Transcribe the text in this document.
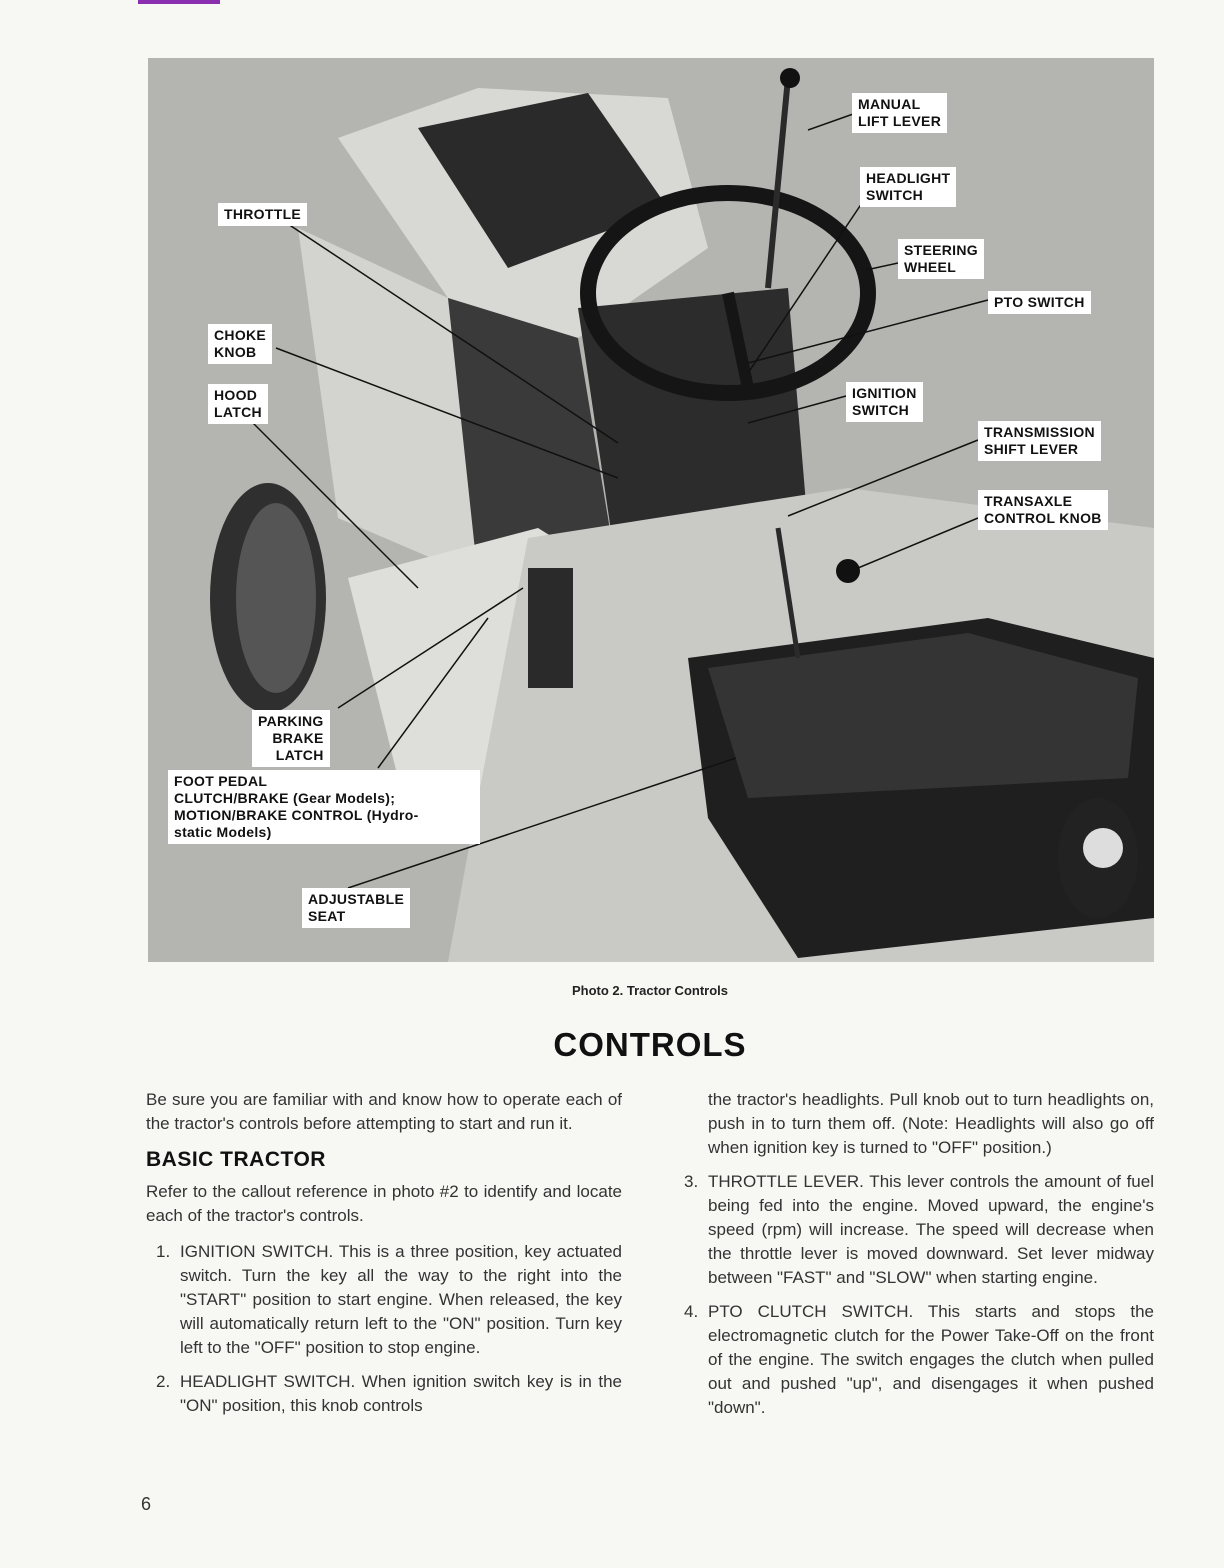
MANUAL
LIFT LEVER
HEADLIGHT
SWITCH
THROTTLE
STEERING
WHEEL
PTO SWITCH
CHOKE
KNOB
HOOD
LATCH
IGNITION
SWITCH
TRANSMISSION
SHIFT LEVER
TRANSAXLE
CONTROL KNOB
PARKING
BRAKE
LATCH
FOOT PEDAL
CLUTCH/BRAKE (Gear Models);
MOTION/BRAKE CONTROL (Hydro-
static Models)
ADJUSTABLE
SEAT
Photo 2. Tractor Controls
CONTROLS

Be sure you are familiar with and know how to operate each of the tractor's controls before attempting to start and run it.

BASIC TRACTOR

Refer to the callout reference in photo #2 to identify and locate each of the tractor's controls.

1. IGNITION SWITCH. This is a three position, key actuated switch. Turn the key all the way to the right into the "START" position to start engine. When released, the key will automatically return left to the "ON" position. Turn key left to the "OFF" position to stop engine.
2. HEADLIGHT SWITCH. When ignition switch key is in the "ON" position, this knob controls
the tractor's headlights. Pull knob out to turn headlights on, push in to turn them off. (Note: Headlights will also go off when ignition key is turned to "OFF" position.)
3. THROTTLE LEVER. This lever controls the amount of fuel being fed into the engine. Moved upward, the engine's speed (rpm) will increase. The speed will decrease when the throttle lever is moved downward. Set lever midway between "FAST" and "SLOW" when starting engine.
4. PTO CLUTCH SWITCH. This starts and stops the electromagnetic clutch for the Power Take-Off on the front of the engine. The switch engages the clutch when pulled out and pushed "up", and disengages it when pushed "down".
6
